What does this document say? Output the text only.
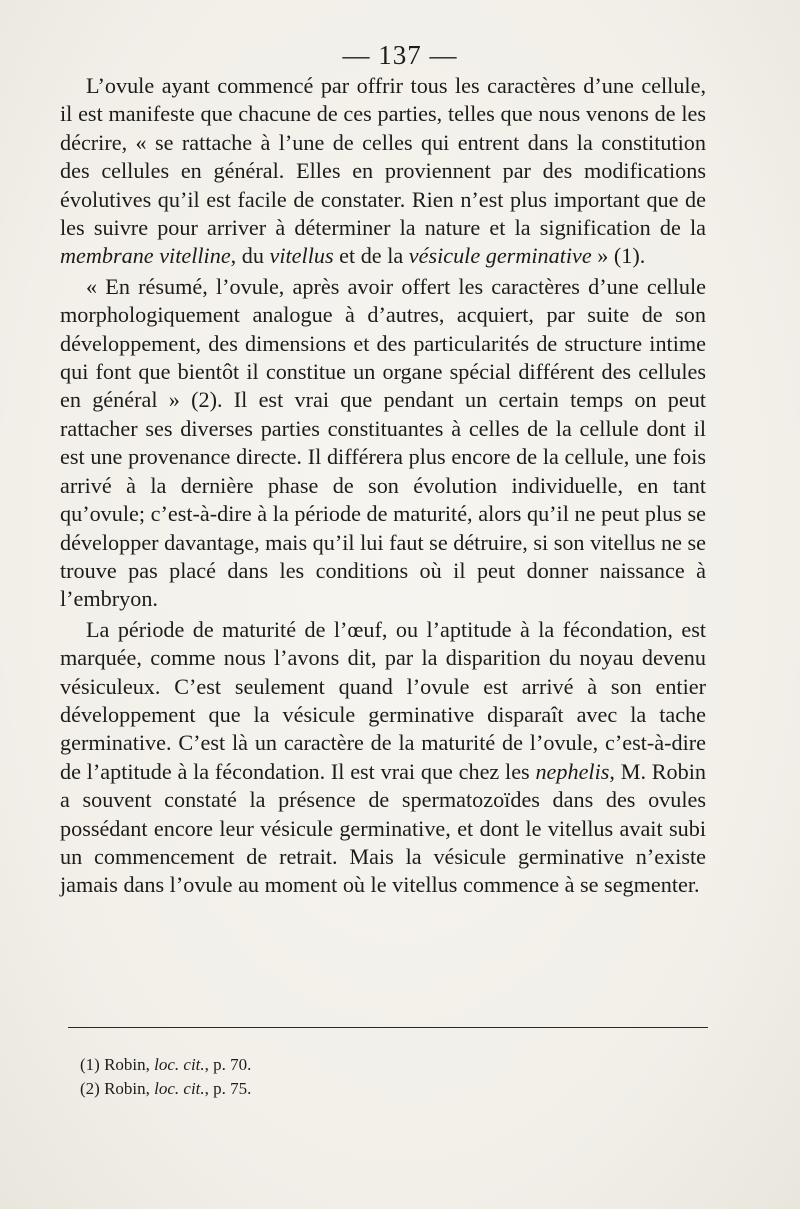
— 137 —

L’ovule ayant commencé par offrir tous les caractères d’une cellule, il est manifeste que chacune de ces parties, telles que nous venons de les décrire, « se rattache à l’une de celles qui entrent dans la constitution des cellules en général. Elles en proviennent par des modifications évolutives qu’il est facile de constater. Rien n’est plus important que de les suivre pour arriver à déterminer la nature et la signification de la membrane vitelline, du vitellus et de la vésicule germinative » (1).

« En résumé, l’ovule, après avoir offert les caractères d’une cellule morphologiquement analogue à d’autres, acquiert, par suite de son développement, des dimensions et des particularités de structure intime qui font que bientôt il constitue un organe spécial différent des cellules en général » (2). Il est vrai que pendant un certain temps on peut rattacher ses diverses parties constituantes à celles de la cellule dont il est une provenance directe. Il différera plus encore de la cellule, une fois arrivé à la dernière phase de son évolution individuelle, en tant qu’ovule; c’est-à-dire à la période de maturité, alors qu’il ne peut plus se développer davantage, mais qu’il lui faut se détruire, si son vitellus ne se trouve pas placé dans les conditions où il peut donner naissance à l’embryon.

La période de maturité de l’œuf, ou l’aptitude à la fécondation, est marquée, comme nous l’avons dit, par la disparition du noyau devenu vésiculeux. C’est seulement quand l’ovule est arrivé à son entier développement que la vésicule germinative disparaît avec la tache germinative. C’est là un caractère de la maturité de l’ovule, c’est-à-dire de l’aptitude à la fécondation. Il est vrai que chez les nephelis, M. Robin a souvent constaté la présence de spermatozoïdes dans des ovules possédant encore leur vésicule germinative, et dont le vitellus avait subi un commencement de retrait. Mais la vésicule germinative n’existe jamais dans l’ovule au moment où le vitellus commence à se segmenter.

(1) Robin, loc. cit., p. 70.
(2) Robin, loc. cit., p. 75.
